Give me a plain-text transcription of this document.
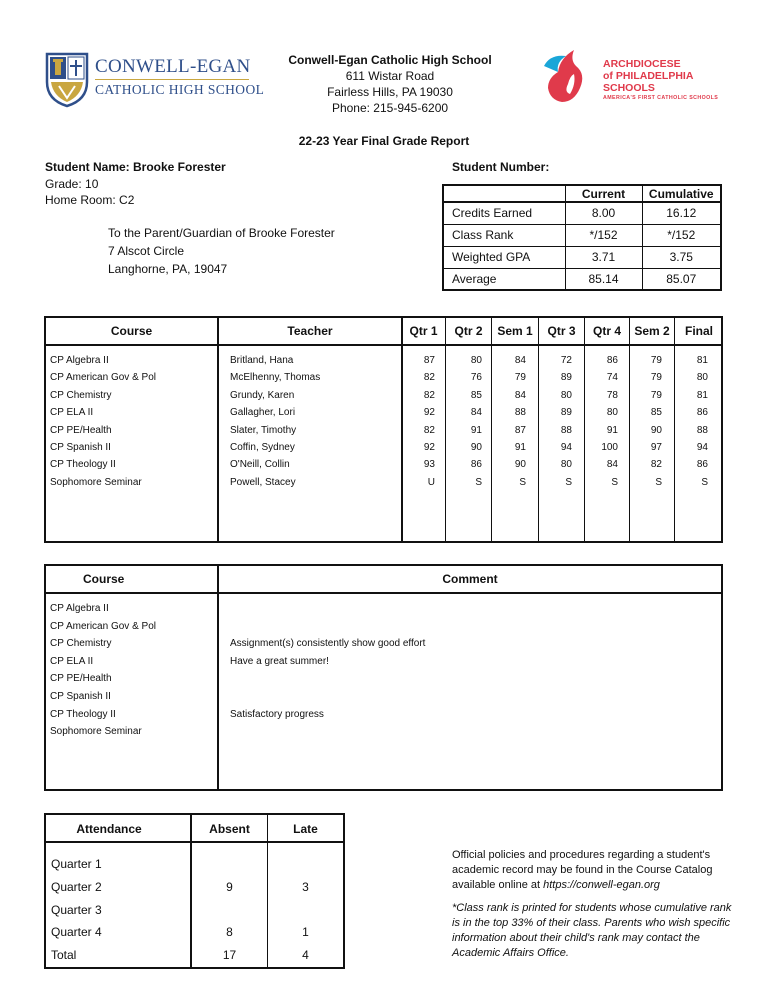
CONWELL-EGAN
CATHOLIC HIGH SCHOOL
Conwell-Egan Catholic High School
611 Wistar Road
Fairless Hills, PA 19030
Phone: 215-945-6200
ARCHDIOCESE
of PHILADELPHIA
SCHOOLS
AMERICA'S FIRST CATHOLIC SCHOOLS
22-23 Year Final Grade Report
Student Name: Brooke Forester
Grade: 10
Home Room: C2
To the Parent/Guardian of Brooke Forester
7 Alscot Circle
Langhorne, PA, 19047
Student Number:
	Current	Cumulative
Credits Earned	8.00	16.12
Class Rank	*/152	*/152
Weighted GPA	3.71	3.75
Average	85.14	85.07
Course	Teacher	Qtr 1	Qtr 2	Sem 1	Qtr 3	Qtr 4	Sem 2	Final
CP Algebra II	Britland, Hana	87	80	84	72	86	79	81
CP American Gov & Pol	McElhenny, Thomas	82	76	79	89	74	79	80
CP Chemistry	Grundy, Karen	82	85	84	80	78	79	81
CP ELA II	Gallagher, Lori	92	84	88	89	80	85	86
CP PE/Health	Slater, Timothy	82	91	87	88	91	90	88
CP Spanish II	Coffin, Sydney	92	90	91	94	100	97	94
CP Theology II	O'Neill, Collin	93	86	90	80	84	82	86
Sophomore Seminar	Powell, Stacey	U	S	S	S	S	S	S
Course	Comment
CP Algebra II
CP American Gov & Pol
CP Chemistry	Assignment(s) consistently show good effort
CP ELA II	Have a great summer!
CP PE/Health
CP Spanish II
CP Theology II	Satisfactory progress
Sophomore Seminar
Attendance	Absent	Late
Quarter 1
Quarter 2	9	3
Quarter 3
Quarter 4	8	1
Total	17	4
Official policies and procedures regarding a student's academic record may be found in the Course Catalog available online at https://conwell-egan.org
*Class rank is printed for students whose cumulative rank is in the top 33% of their class. Parents who wish specific information about their child's rank may contact the Academic Affairs Office.
